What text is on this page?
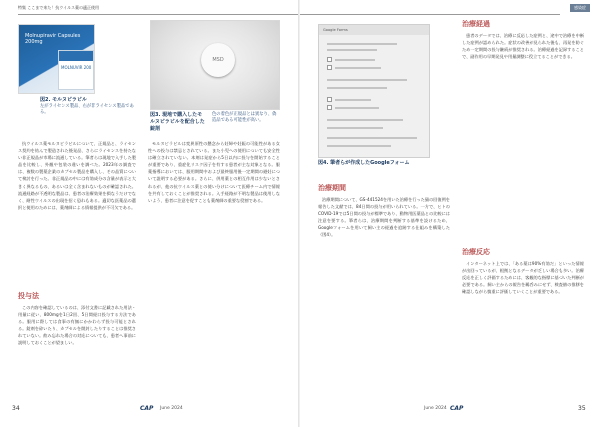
特集 ここまで来た！抗ウイルス薬の適正使用
Molnupiravir Capsules 200mg
MOLNUVIR 200
図2. モルヌピラビル
左がライセンス製品、右が非ライセンス製品である。
MSD
図3. 現地で購入したモルヌピラビルを配合した錠剤
色の着色が正規品とは異なり、偽造品である可能性が高い。

抗ウイルス薬モルヌピラビルについて、正規品と、ライセンス契約を結んで製造された後発品、さらにライセンスを持たない非正規品が市場に流通している。筆者らは現地で入手した製品を比較し、外観や包装の違いを調べた。2023年の調査では、複数の製薬企業のカプセル製品を購入し、その品質について検討を行った。非正規品の中には有効成分の含量が表示と大きく異なるもの、あるいは全く含まれないものが確認された。流通経路が不透明な製品は、患者の治療効果を損なうだけでなく、耐性ウイルスの出現を招く恐れもある。適切な医薬品の選択と使用のためには、薬剤師による情報提供が不可欠である。

投与法

この内容を確認しているのは、添付文書に記載された用法・用量に従い、800mgを1日2回、5日間経口投与する方法である。服用に際しては食事の有無にかかわらず投与可能とされる。錠剤を砕いたり、カプセルを開封したりすることは推奨されていない。飲み忘れた場合の対応についても、患者へ事前に説明しておくことが望ましい。

モルヌピラビルは変異原性の懸念から妊婦や妊娠の可能性がある女性への投与は禁忌とされている。また小児への使用についても安全性は確立されていない。本剤は発症から5日以内に投与を開始することが重要であり、重症化リスク因子を有する患者が主な対象となる。服薬指導においては、服用期間中および最終服用後一定期間の避妊について説明する必要がある。さらに、併用薬との相互作用は少ないとされるが、他の抗ウイルス薬との使い分けについて医療チーム内で情報を共有しておくことが推奨される。入手経路が不明な製品は使用しないよう、患者に注意を促すことも薬剤師の重要な役割である。

34	CAP June 2024
感染症
Google Forms
図4. 筆者らが作成したGoogleフォーム
治療期間

治療期間について、GS-441524を用いた治療を行った猫の回復例を報告した文献では、84日間の投与が用いられている。一方で、ヒトのCOVID-19では5日間の投与が標準であり、動物用医薬品との比較には注意を要する。筆者らは、治療期間を判断する基準を設けるため、Googleフォームを用いて飼い主の経過を追跡する仕組みを構築した（図4）。

治療経過

患者のデータでは、治療に反応した症例と、途中で治療を中断した症例が認められた。症状の改善が見られた後も、再発を防ぐため一定期間の投与継続が推奨される。治療経過を記録することで、副作用の早期発見や用量調整に役立てることができる。

治療反応

インターネット上では、「ある薬は90%有効だ」といった情報が出回っているが、根拠となるデータが乏しい場合も多い。治療反応を正しく評価するためには、客観的な指標に基づいた判断が必要である。飼い主からの報告を鵜呑みにせず、検査値の推移を確認しながら慎重に評価していくことが重要である。

June 2024 CAP	35
